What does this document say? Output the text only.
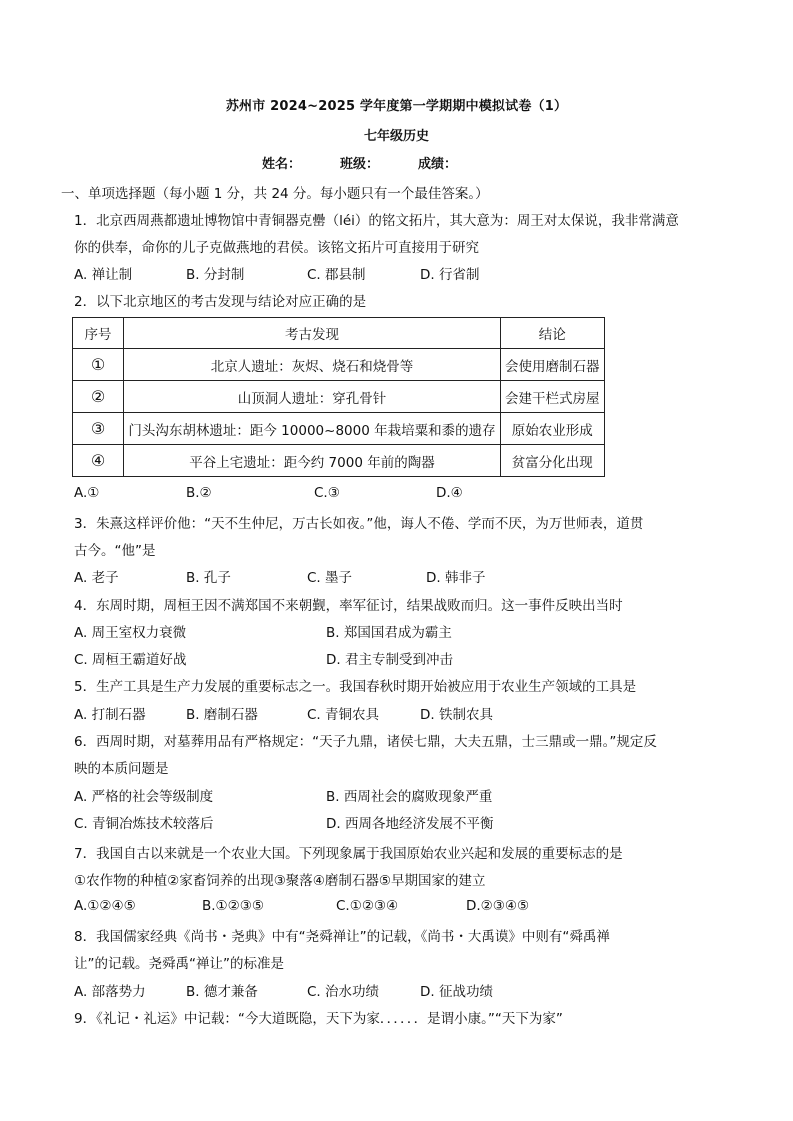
苏州市 2024~2025 学年度第一学期期中模拟试卷（1）
七年级历史
姓名：	班级：	成绩：
一、单项选择题（每小题 1 分，共 24 分。每小题只有一个最佳答案。）
1．北京西周燕都遗址博物馆中青铜器克罍（léi）的铭文拓片，其大意为：周王对太保说，我非常满意
你的供奉，命你的儿子克做燕地的君侯。该铭文拓片可直接用于研究
A. 禅让制	B. 分封制	C. 郡县制	D. 行省制
2．以下北京地区的考古发现与结论对应正确的是
序号	考古发现	结论
①	北京人遗址：灰烬、烧石和烧骨等	会使用磨制石器
②	山顶洞人遗址：穿孔骨针	会建干栏式房屋
③	门头沟东胡林遗址：距今 10000~8000 年栽培粟和黍的遗存	原始农业形成
④	平谷上宅遗址：距今约 7000 年前的陶器	贫富分化出现
A.①	B.②	C.③	D.④
3．朱熹这样评价他：“天不生仲尼，万古长如夜。”他，诲人不倦、学而不厌，为万世师表，道贯
古今。“他”是
A. 老子	B. 孔子	C. 墨子	D. 韩非子
4．东周时期，周桓王因不满郑国不来朝觐，率军征讨，结果战败而归。这一事件反映出当时
A. 周王室权力衰微	B. 郑国国君成为霸主
C. 周桓王霸道好战	D. 君主专制受到冲击
5．生产工具是生产力发展的重要标志之一。我国春秋时期开始被应用于农业生产领域的工具是
A. 打制石器	B. 磨制石器	C. 青铜农具	D. 铁制农具
6．西周时期，对墓葬用品有严格规定：“天子九鼎，诸侯七鼎，大夫五鼎，士三鼎或一鼎。”规定反
映的本质问题是
A. 严格的社会等级制度	B. 西周社会的腐败现象严重
C. 青铜冶炼技术较落后	D. 西周各地经济发展不平衡
7．我国自古以来就是一个农业大国。下列现象属于我国原始农业兴起和发展的重要标志的是
①农作物的种植②家畜饲养的出现③聚落④磨制石器⑤早期国家的建立
A.①②④⑤	B.①②③⑤	C.①②③④	D.②③④⑤
8．我国儒家经典《尚书・尧典》中有“尧舜禅让”的记载，《尚书・大禹谟》中则有“舜禹禅
让”的记载。尧舜禹“禅让”的标准是
A. 部落势力	B. 德才兼备	C. 治水功绩	D. 征战功绩
9．《礼记・礼运》中记载：“今大道既隐，天下为家．．．．．．是谓小康。”“天下为家”
